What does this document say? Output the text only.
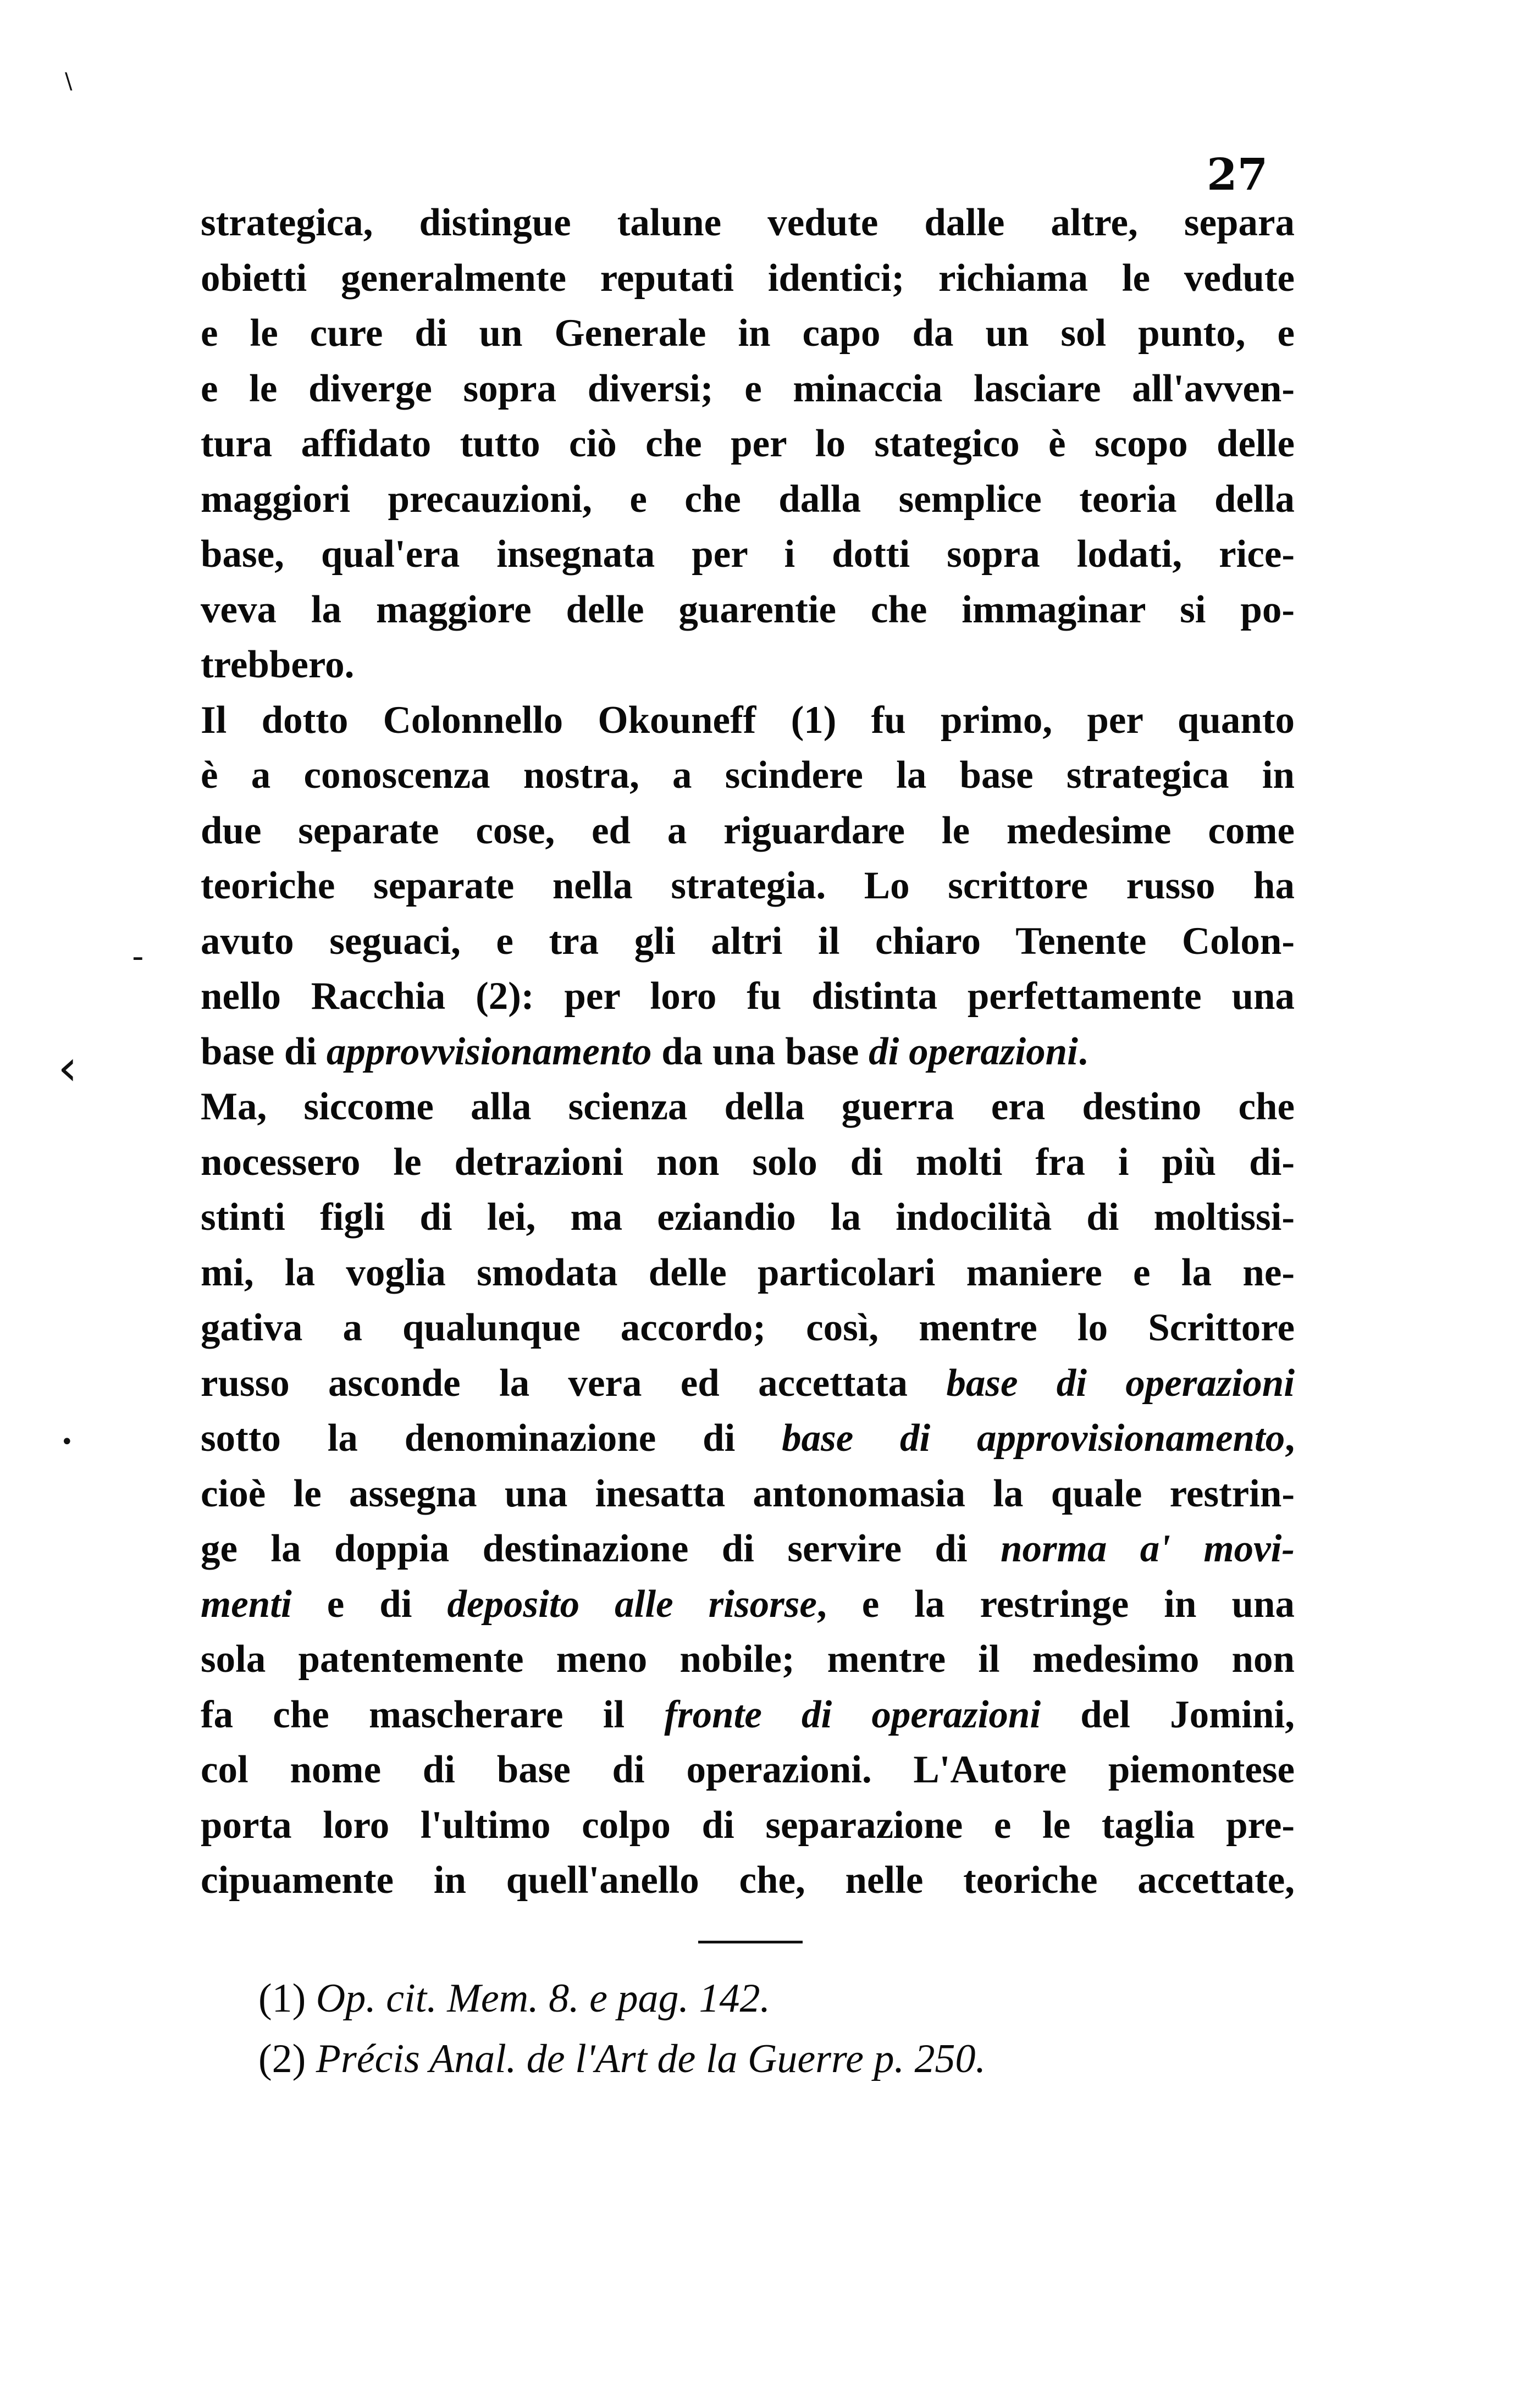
27
strategica, distingue talune vedute dalle altre, separa
obietti generalmente reputati identici; richiama le vedute
e le cure di un Generale in capo da un sol punto, e
e le diverge sopra diversi; e minaccia lasciare all'avven-
tura affidato tutto ciò che per lo stategico è scopo delle
maggiori precauzioni, e che dalla semplice teoria della
base, qual'era insegnata per i dotti sopra lodati, rice-
veva la maggiore delle guarentie che immaginar si po-
trebbero.
Il dotto Colonnello Okouneff (1) fu primo, per quanto
è a conoscenza nostra, a scindere la base strategica in
due separate cose, ed a riguardare le medesime come
teoriche separate nella strategia. Lo scrittore russo ha
avuto seguaci, e tra gli altri il chiaro Tenente Colon-
nello Racchia (2): per loro fu distinta perfettamente una
base di approvvisionamento da una base di operazioni.
Ma, siccome alla scienza della guerra era destino che
nocessero le detrazioni non solo di molti fra i più di-
stinti figli di lei, ma eziandio la indocilità di moltissi-
mi, la voglia smodata delle particolari maniere e la ne-
gativa a qualunque accordo; così, mentre lo Scrittore
russo asconde la vera ed accettata base di operazioni
sotto la denominazione di base di approvisionamento,
cioè le assegna una inesatta antonomasia la quale restrin-
ge la doppia destinazione di servire di norma a' movi-
menti e di deposito alle risorse, e la restringe in una
sola patentemente meno nobile; mentre il medesimo non
fa che mascherare il fronte di operazioni del Jomini,
col nome di base di operazioni. L'Autore piemontese
porta loro l'ultimo colpo di separazione e le taglia pre-
cipuamente in quell'anello che, nelle teoriche accettate,
(1) Op. cit. Mem. 8. e pag. 142.
(2) Précis Anal. de l'Art de la Guerre p. 250.
\
‹
-
•
